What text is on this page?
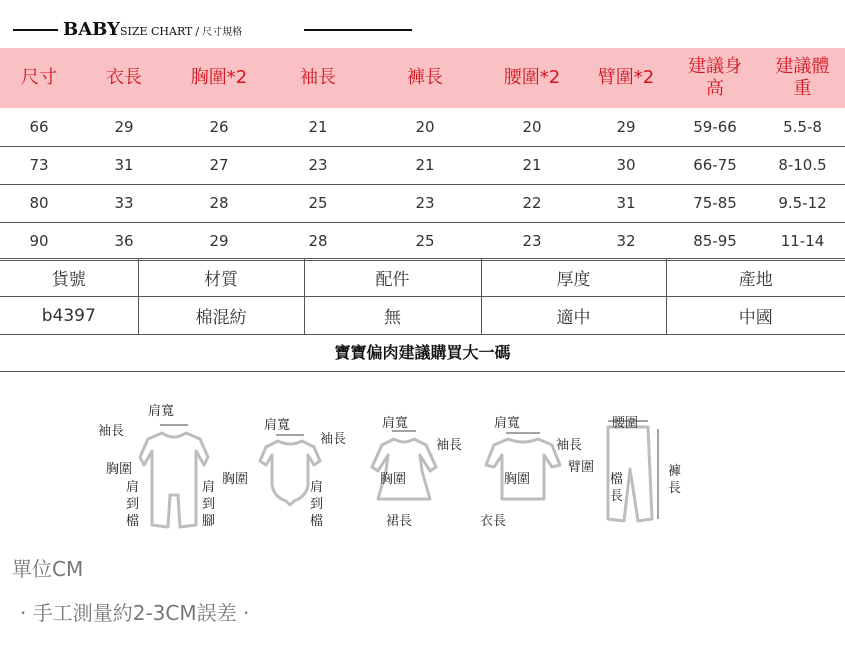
BABYSIZE CHART / 尺寸規格
尺寸	衣長	胸圍*2	袖長	褲長	腰圍*2	臂圍*2	建議身高	建議體重

66	29	26	21	20	20	29	59-66	5.5-8
73	31	27	23	21	21	30	66-75	8-10.5
80	33	28	25	23	22	31	75-85	9.5-12
90	36	29	28	25	23	32	85-95	11-14
貨號	材質	配件	厚度	產地
b4397	棉混紡	無	適中	中國
寶寶偏肉建議購買大一碼
肩寬
袖長
胸圍
肩到檔
肩到腳
肩寬
袖長
胸圍
肩到檔
肩寬
袖長
胸圍
裙長
肩寬
袖長
臂圍
胸圍
衣長
腰圍
檔長
褲長
單位CM
· 手工測量約2-3CM誤差 ·
